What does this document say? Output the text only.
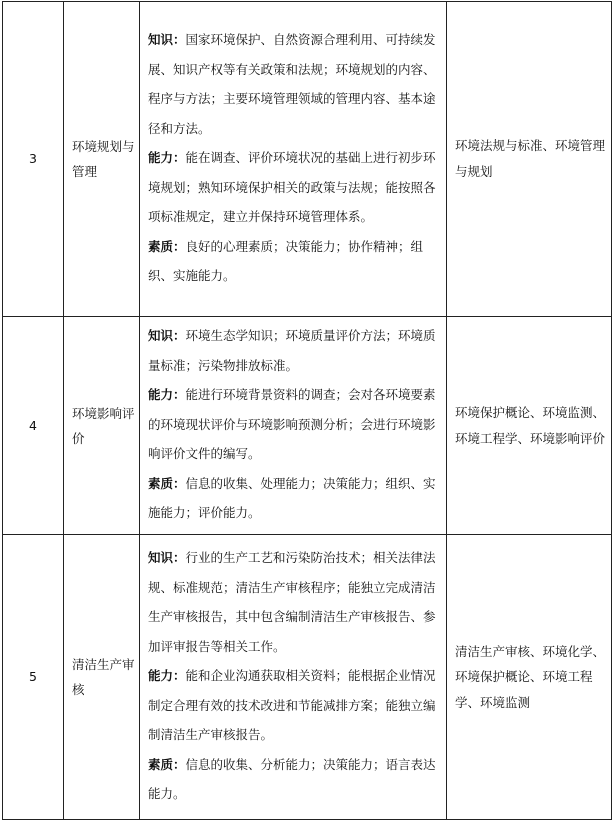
3	环境规划与管理	知识：国家环境保护、自然资源合理利用、可持续发展、知识产权等有关政策和法规；环境规划的内容、程序与方法；主要环境管理领域的管理内容、基本途径和方法。
能力：能在调查、评价环境状况的基础上进行初步环境规划；熟知环境保护相关的政策与法规；能按照各项标准规定，建立并保持环境管理体系。
素质：良好的心理素质；决策能力；协作精神；组织、实施能力。	环境法规与标准、环境管理与规划
4	环境影响评价	知识：环境生态学知识；环境质量评价方法；环境质量标准；污染物排放标准。
能力：能进行环境背景资料的调查；会对各环境要素的环境现状评价与环境影响预测分析；会进行环境影响评价文件的编写。
素质：信息的收集、处理能力；决策能力；组织、实施能力；评价能力。	环境保护概论、环境监测、环境工程学、环境影响评价
5	清洁生产审核	知识：行业的生产工艺和污染防治技术；相关法律法规、标准规范；清洁生产审核程序；能独立完成清洁生产审核报告，其中包含编制清洁生产审核报告、参加评审报告等相关工作。
能力：能和企业沟通获取相关资料；能根据企业情况制定合理有效的技术改进和节能减排方案；能独立编制清洁生产审核报告。
素质：信息的收集、分析能力；决策能力；语言表达能力。	清洁生产审核、环境化学、环境保护概论、环境工程学、环境监测
